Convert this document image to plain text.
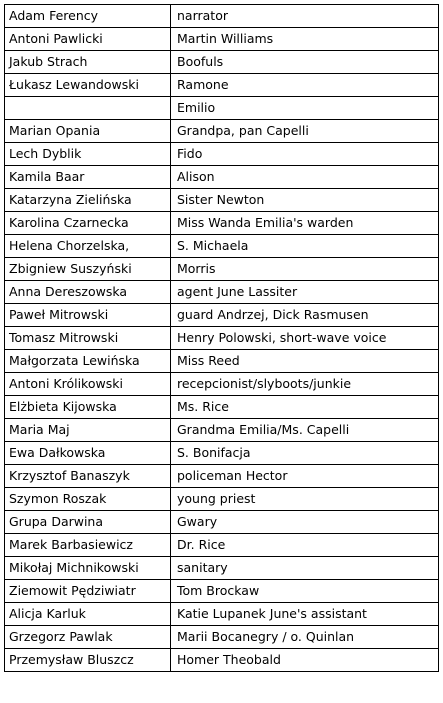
Adam Ferency	narrator
Antoni Pawlicki	Martin Williams
Jakub Strach	Boofuls
Łukasz Lewandowski	Ramone
	Emilio
Marian Opania	Grandpa, pan Capelli
Lech Dyblik	Fido
Kamila Baar	Alison
Katarzyna Zielińska	Sister Newton
Karolina Czarnecka	Miss Wanda Emilia's warden
Helena Chorzelska,	S. Michaela
Zbigniew Suszyński	Morris
Anna Dereszowska	agent June Lassiter
Paweł Mitrowski	guard Andrzej, Dick Rasmusen
Tomasz Mitrowski	Henry Polowski, short-wave voice
Małgorzata Lewińska	Miss Reed
Antoni Królikowski	recepcionist/slyboots/junkie
Elżbieta Kijowska	Ms. Rice
Maria Maj	Grandma Emilia/Ms. Capelli
Ewa Dałkowska	S. Bonifacja
Krzysztof Banaszyk	policeman Hector
Szymon Roszak	young priest
Grupa Darwina	Gwary
Marek Barbasiewicz	Dr. Rice
Mikołaj Michnikowski	sanitary
Ziemowit Pędziwiatr	Tom Brockaw
Alicja Karluk	Katie Lupanek June's assistant
Grzegorz Pawlak	Marii Bocanegry / o. Quinlan
Przemysław Bluszcz	Homer Theobald
